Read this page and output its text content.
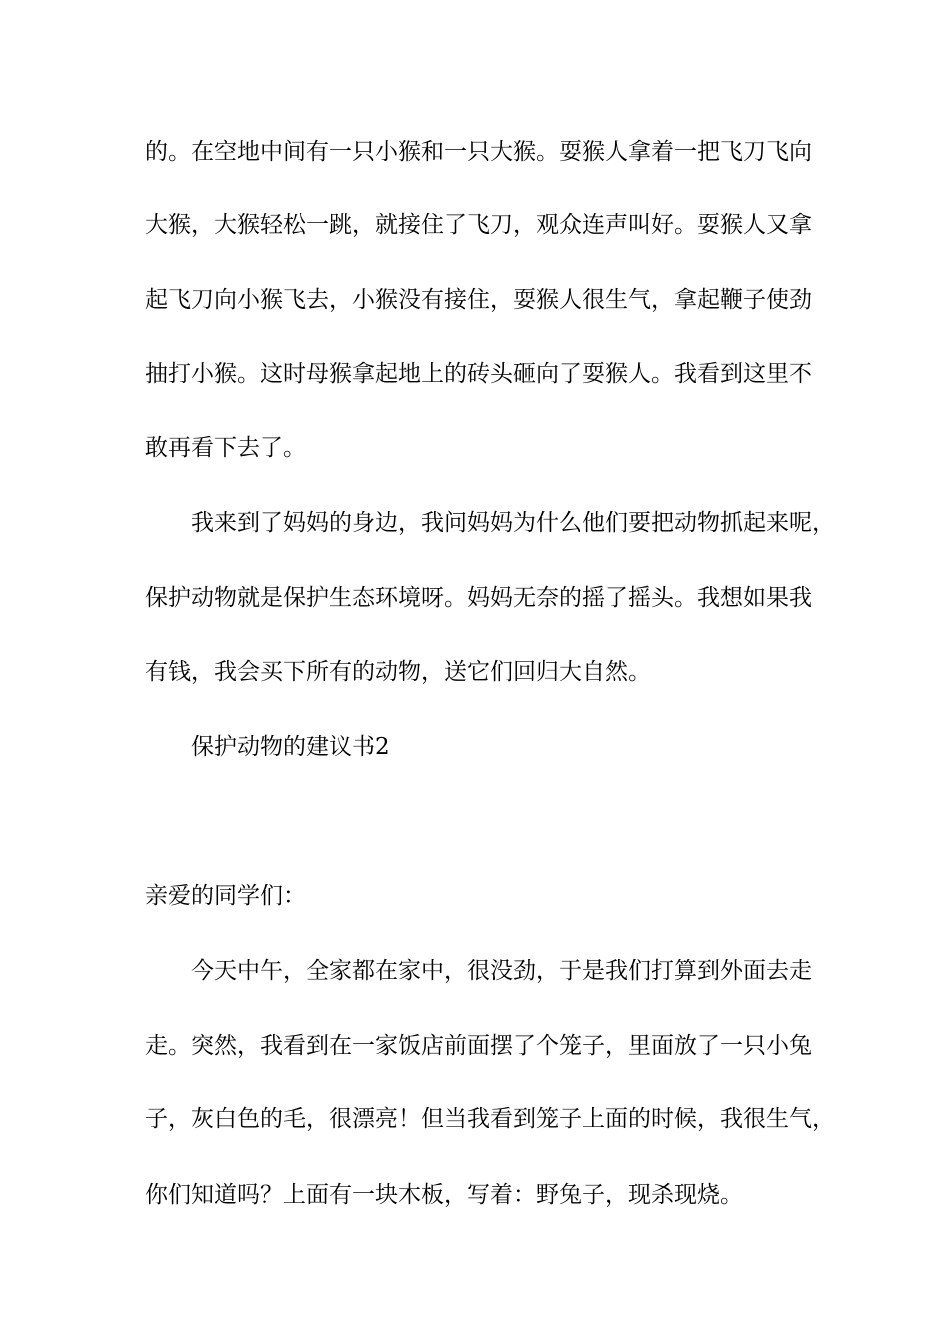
的。在空地中间有一只小猴和一只大猴。耍猴人拿着一把飞刀飞向
大猴，大猴轻松一跳，就接住了飞刀，观众连声叫好。耍猴人又拿
起飞刀向小猴飞去，小猴没有接住，耍猴人很生气，拿起鞭子使劲
抽打小猴。这时母猴拿起地上的砖头砸向了耍猴人。我看到这里不
敢再看下去了。
我来到了妈妈的身边，我问妈妈为什么他们要把动物抓起来呢，
保护动物就是保护生态环境呀。妈妈无奈的摇了摇头。我想如果我
有钱，我会买下所有的动物，送它们回归大自然。
保护动物的建议书2
亲爱的同学们：
今天中午，全家都在家中，很没劲，于是我们打算到外面去走
走。突然，我看到在一家饭店前面摆了个笼子，里面放了一只小兔
子，灰白色的毛，很漂亮！但当我看到笼子上面的时候，我很生气，
你们知道吗？上面有一块木板，写着：野兔子，现杀现烧。
